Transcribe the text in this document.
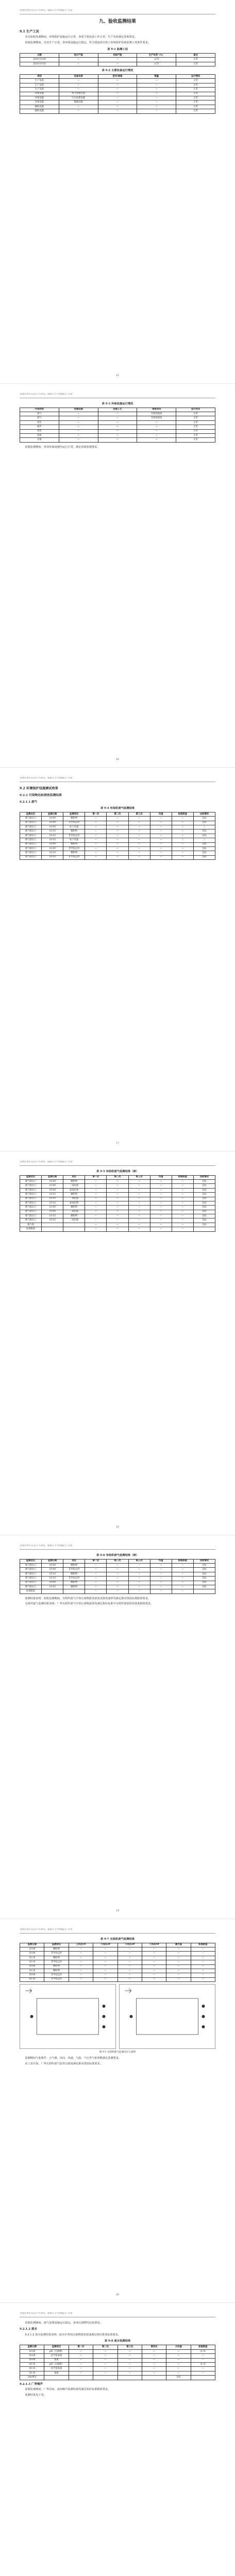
受委托单位/信息不可辨识，据图示为“检测报告”页眉
九、验收监测结果
9.1 生产工况

本次验收监测期间，环境保护设施运行正常，各项主要设备工作正常，生产负荷满足验收要求。

验收监测期间，企业生产正常，各环保设施运行稳定，符合建设项目竣工环境保护验收监测工况条件要求。

表 9-1 监测工况
日期	设计产能	实际产能	生产负荷（%）	备注
2020-10-09	—	—	≥75	正常
2020-10-10	—	—	≥75	正常
表 9-2 主要设备运行情况
类别	设备名称	型号/规格	数量	运行情况
生产设备	—	—	—	正常
生产设备	—	—	—	正常
生产设备	—	—	—	正常
环保设施	废气处理装置	—	—	正常
环保设施	污水处理设施	—	—	正常
环保设施	降噪设施	—	—	正常
辅助设施	—	—	—	正常
辅助设施	—	—	—	正常
15
受委托单位/信息不可辨识，据图示为“检测报告”页眉
表 9-3 环保设施运行情况
污染类别	处理设施	处理工艺	排放去向	运行状况
废气	—	—	有组织排放	正常
废气	—	—	有组织排放	正常
废水	—	—	—	正常
噪声	—	—	—	正常
固废	—	—	—	正常
固废	—	—	—	正常
其他	—	—	—	正常

验收监测期间，各项环保设施均运行正常，满足验收监测要求。

16
受委托单位/信息不可辨识，据图示为“检测报告”页眉
9.2 环境保护设施调试效果
9.2.1 污染物达标排放监测结果
9.2.1.1 废气
表 9-4 有组织废气监测结果
监测点位	监测日期	监测项目	第一次	第二次	第三次	均值	标准限值	达标情况
排气筒出口	10-09	颗粒物	—	—	—	—	—	达标
排气筒出口	10-09	非甲烷总烃	—	—	—	—	—	达标
排气筒出口	10-09	标干风量	—	—	—	—	/	/
排气筒出口	10-10	颗粒物	—	—	—	—	—	达标
排气筒出口	10-10	非甲烷总烃	—	—	—	—	—	达标
排气筒出口	10-10	标干风量	—	—	—	—	/	/
排气筒出口	10-09	颗粒物	—	—	—	—	—	达标
排气筒出口	10-09	非甲烷总烃	—	—	—	—	—	达标
排气筒出口	10-10	颗粒物	—	—	—	—	—	达标
排气筒出口	10-10	非甲烷总烃	—	—	—	—	—	达标
17
受委托单位/信息不可辨识，据图示为“检测报告”页眉
表 9-5 有组织废气监测结果（续）
监测点位	监测日期	项目	第一次	第二次	第三次	均值	标准限值	达标情况
排气筒出口	10-09	颗粒物	—	—	—	—	—	达标
排气筒出口	10-09	二氧化硫	—	—	—	—	—	达标
排气筒出口	10-09	氮氧化物	—	—	—	—	—	达标
排气筒出口	10-10	颗粒物	—	—	—	—	—	达标
排气筒出口	10-10	二氧化硫	—	—	—	—	—	达标
排气筒出口	10-10	氮氧化物	—	—	—	—	—	达标
排气筒出口	10-09	颗粒物	—	—	—	—	—	达标
排气筒出口	10-09	二氧化硫	—	—	—	—	—	达标
排气筒出口	10-10	颗粒物	—	—	—	—	—	达标
排气筒出口	10-10	二氧化硫	—	—	—	—	—	达标
最大值			—	—	—	—	—	达标
标准限值			—	—	—	—	—	
18
受委托单位/信息不可辨识，据图示为“检测报告”页眉
表 9-6 有组织废气监测结果（续）
监测点位	监测日期	项目	第一次	第二次	第三次	均值	标准限值	达标情况
排气筒出口	10-09	颗粒物	—	—	—	—	—	达标
排气筒出口	10-09	非甲烷总烃	—	—	—	—	—	达标
排气筒出口	10-10	颗粒物	—	—	—	—	—	达标
排气筒出口	10-10	非甲烷总烃	—	—	—	—	—	达标
排气筒出口	10-09	颗粒物	—	—	—	—	—	达标
排气筒出口	10-10	颗粒物	—	—	—	—	—	达标
标准限值			—	—	—	—	—	

监测结果表明：验收监测期间，有组织废气中各污染物排放浓度及排放速率均满足相应排放标准限值要求。

无组织废气监测结果表明：厂界无组织废气中各污染物浓度均满足相应标准中无组织排放监控浓度限值要求。

19
受委托单位/信息不可辨识，据图示为“检测报告”页眉
表 9-7 无组织废气监测结果
监测日期	监测项目	上风向1#	下风向2#	下风向3#	下风向4#	最大值	标准限值
10-09	颗粒物	—	—	—	—	—	—
10-09	非甲烷总烃	—	—	—	—	—	—
10-10	颗粒物	—	—	—	—	—	—
10-10	非甲烷总烃	—	—	—	—	—	—
10-09	颗粒物	—	—	—	—	—	—
10-10	颗粒物	—	—	—	—	—	—
10-09	非甲烷总烃	—	—	—	—	—	—
10-10	非甲烷总烃	—	—	—	—	—	—
图 9-1 无组织废气监测点位示意图

监测期间气象条件：天气晴，风向、风速、气温、气压等气象参数满足监测要求。

由上表可知，厂界无组织废气监控点浓度满足相应排放标准要求。

20
受委托单位/信息不可辨识，据图示为“检测报告”页眉

验收监测期间，废气处理设施运行稳定，各项污染物均达标排放。

9.2.1.2 废水

9.2.1.2 废水监测结果表明：废水中各项污染物排放浓度满足相应排放标准要求。

表 9-8 废水监测结果
监测日期	监测项目	第一次	第二次	第三次	第四次	日均值	标准限值
10-09	pH（无量纲）	—	—	—	—	—	6~9
10-09	化学需氧量	—	—	—	—	—	—
10-09	氨氮	—	—	—	—	—	—
10-10	pH（无量纲）	—	—	—	—	—	6~9
10-10	化学需氧量	—	—	—	—	—	—
10-10	氨氮	—	—	—	—	—	—
达标情况						达标	
9.2.1.3 厂界噪声

验收监测期间，厂界昼间、夜间噪声监测结果均满足相应标准限值要求。

监测结果见下表。
